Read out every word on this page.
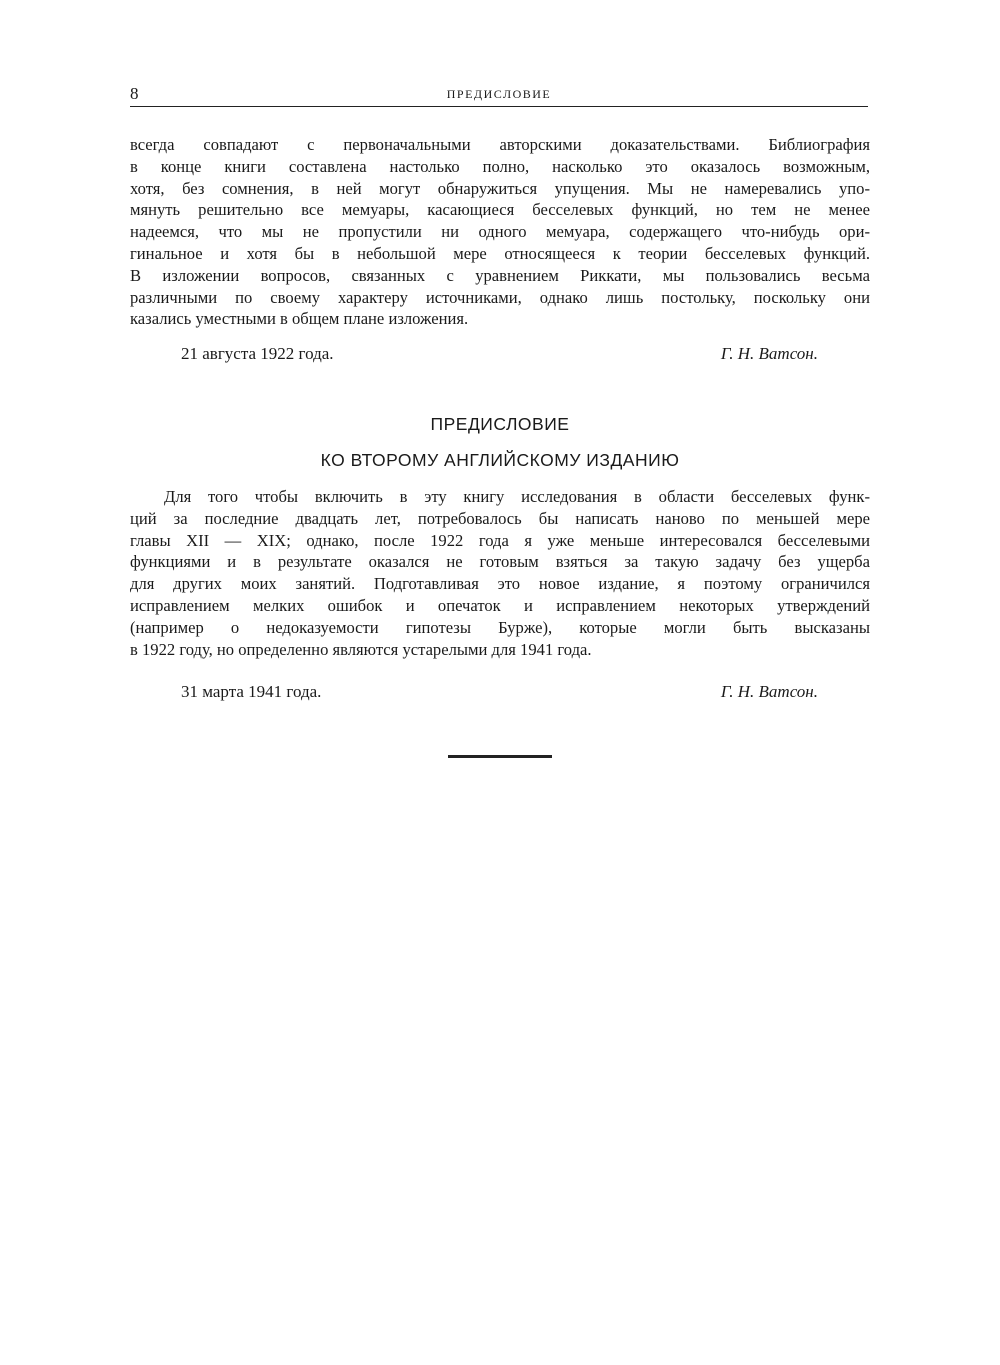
8	ПРЕДИСЛОВИЕ
всегда совпадают с первоначальными авторскими доказательствами. Библиография
в конце книги составлена настолько полно, насколько это оказалось возможным,
хотя, без сомнения, в ней могут обнаружиться упущения. Мы не намеревались упо-
мянуть решительно все мемуары, касающиеся бесселевых функций, но тем не менее
надеемся, что мы не пропустили ни одного мемуара, содержащего что-нибудь ори-
гинальное и хотя бы в небольшой мере относящееся к теории бесселевых функций.
В изложении вопросов, связанных с уравнением Риккати, мы пользовались весьма
различными по своему характеру источниками, однако лишь постольку, поскольку они
казались уместными в общем плане изложения.
21 августа 1922 года.	Г. Н. Ватсон.
ПРЕДИСЛОВИЕ
КО ВТОРОМУ АНГЛИЙСКОМУ ИЗДАНИЮ
Для того чтобы включить в эту книгу исследования в области бесселевых функ-
ций за последние двадцать лет, потребовалось бы написать наново по меньшей мере
главы XII — XIX; однако, после 1922 года я уже меньше интересовался бесселевыми
функциями и в результате оказался не готовым взяться за такую задачу без ущерба
для других моих занятий. Подготавливая это новое издание, я поэтому ограничился
исправлением мелких ошибок и опечаток и исправлением некоторых утверждений
(например о недоказуемости гипотезы Бурже), которые могли быть высказаны
в 1922 году, но определенно являются устарелыми для 1941 года.
31 марта 1941 года.	Г. Н. Ватсон.
